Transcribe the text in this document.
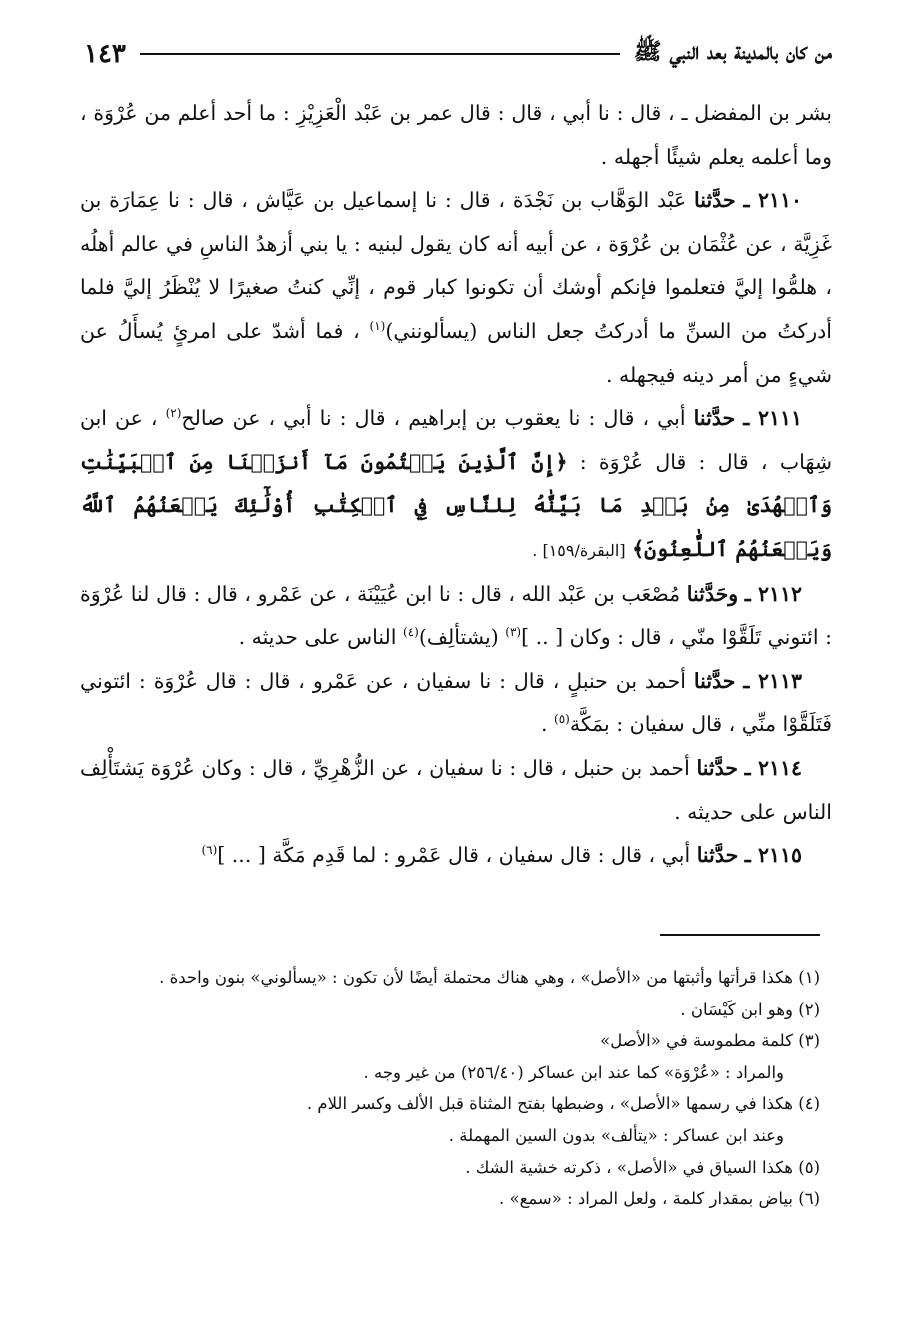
من كان بالمدينة بعد النبي ﷺ
١٤٣

بشر بن المفضل ـ ، قال : نا أبي ، قال : قال عمر بن عَبْد الْعَزِيْزِ : ما أحد أعلم من عُرْوَة ، وما أعلمه يعلم شيئًا أجهله .

٢١١٠ ـ حدَّثنا عَبْد الوَهَّاب بن نَجْدَة ، قال : نا إسماعيل بن عَيَّاش ، قال : نا عِمَارَة بن غَزِيَّة ، عن عُثْمَان بن عُرْوَة ، عن أبيه أنه كان يقول لبنيه : يا بني أزهدُ الناسِ في عالم أهلُه ، هلمُّوا إليَّ فتعلموا فإنكم أوشك أن تكونوا كبار قوم ، إنِّي كنتُ صغيرًا لا يُنْظَرُ إليَّ فلما أدركتُ من السنِّ ما أدركتُ جعل الناس (يسألونني)$^{(١)}$ ، فما أشدّ على امرئٍ يُسأَلُ عن شيءٍ من أمر دينه فيجهله .

٢١١١ ـ حدَّثنا أبي ، قال : نا يعقوب بن إبراهيم ، قال : نا أبي ، عن صالح$^{(٢)}$ ، عن ابن شِهَاب ، قال : قال عُرْوَة : ﴿إِنَّ ٱلَّذِينَ يَكۡتُمُونَ مَآ أَنزَلۡنَا مِنَ ٱلۡبَيِّنَٰتِ وَٱلۡهُدَىٰ مِنۢ بَعۡدِ مَا بَيَّنَّٰهُ لِلنَّاسِ فِي ٱلۡكِتَٰبِ أُوْلَٰٓئِكَ يَلۡعَنُهُمُ ٱللَّهُ وَيَلۡعَنُهُمُ ٱللَّٰعِنُونَ﴾ [البقرة/١٥٩] .

٢١١٢ ـ وحَدَّثنا مُصْعَب بن عَبْد الله ، قال : نا ابن عُيَيْنَة ، عن عَمْرو ، قال : قال لنا عُرْوَة : ائتوني تَلَقَّوْا منّي ، قال : وكان [ .. ]$^{(٣)}$ (يشتألِف)$^{(٤)}$ الناس على حديثه .

٢١١٣ ـ حدَّثنا أحمد بن حنبلٍ ، قال : نا سفيان ، عن عَمْرو ، قال : قال عُرْوَة : ائتوني فَتَلَقَّوْا منِّي ، قال سفيان : بمَكَّة$^{(٥)}$ .

٢١١٤ ـ حدَّثنا أحمد بن حنبل ، قال : نا سفيان ، عن الزُّهْرِيِّ ، قال : وكان عُرْوَة يَشتَأْلِف الناس على حديثه .

٢١١٥ ـ حدَّثنا أبي ، قال : قال سفيان ، قال عَمْرو : لما قَدِم مَكَّة [ ... ]$^{(٦)}$

(١) هكذا قرأتها وأثبتها من «الأصل» ، وهي هناك محتملة أيضًا لأن تكون : «يسألوني» بنون واحدة .

(٢) وهو ابن كَيْسَان .

(٣) كلمة مطموسة في «الأصل»

والمراد : «عُرْوَة» كما عند ابن عساكر (٢٥٦/٤٠) من غير وجه .

(٤) هكذا في رسمها «الأصل» ، وضبطها بفتح المثناة قبل الألف وكسر اللام .

وعند ابن عساكر : «يتألف» بدون السين المهملة .

(٥) هكذا السياق في «الأصل» ، ذكرته خشية الشك .

(٦) بياض بمقدار كلمة ، ولعل المراد : «سمع» .
